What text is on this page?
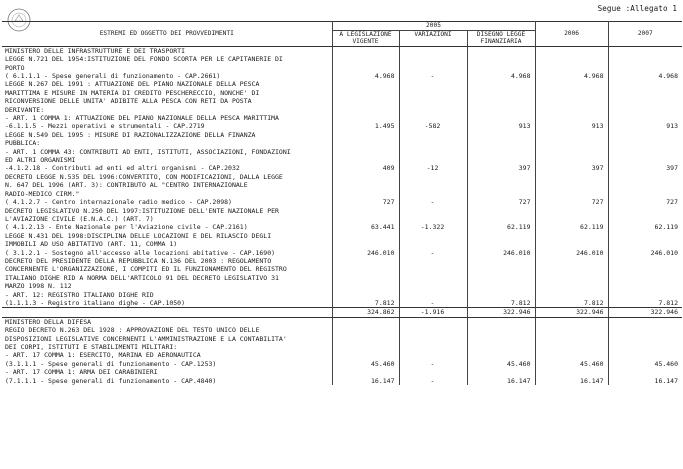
Segue :Allegato 1
ESTREMI ED OGGETTO DEI PROVVEDIMENTI	2005			2006	2007
	A LEGISLAZIONE VIGENTE	VARIAZIONI	DISEGNO LEGGE FINANZIARIA		
MINISTERO DELLE INFRASTRUTTURE E DEI TRASPORTI					

LEGGE N.721 DEL 1954:ISTITUZIONE DEL FONDO SCORTA PER LE CAPITANERIE DI
PORTO
( 6.1.1.1 - Spese generali di funzionamento - CAP.2661)	4.968	-	4.968	4.968	4.968

LEGGE N.267 DEL 1991 : ATTUAZIONE DEL PIANO NAZIONALE DELLA PESCA
MARITTIMA E MISURE IN MATERIA DI CREDITO PESCHERECCIO, NONCHE' DI
RICONVERSIONE DELLE UNITA' ADIBITE ALLA PESCA CON RETI DA POSTA
DERIVANTE:					

- ART. 1 COMMA 1: ATTUAZIONE DEL PIANO NAZIONALE DELLA PESCA MARITTIMA
-6.1.1.5 - Mezzi operativi e strumentali - CAP.2719	1.495	-582	913	913	913

LEGGE N.549 DEL 1995 : MISURE DI RAZIONALIZZAZIONE DELLA FINANZA
PUBBLICA:					

- ART. 1 COMMA 43: CONTRIBUTI AD ENTI, ISTITUTI, ASSOCIAZIONI, FONDAZIONI
ED ALTRI ORGANISMI
-4.1.2.18 - Contributi ad enti ed altri organismi - CAP.2032	409	-12	397	397	397

DECRETO LEGGE N.535 DEL 1996:CONVERTITO, CON MODIFICAZIONI, DALLA LEGGE
N. 647 DEL 1996 (ART. 3): CONTRIBUTO AL "CENTRO INTERNAZIONALE
RADIO-MEDICO CIRM."
( 4.1.2.7 - Centro internazionale radio medico - CAP.2098)	727	-	727	727	727

DECRETO LEGISLATIVO N.250 DEL 1997:ISTITUZIONE DELL'ENTE NAZIONALE PER
L'AVIAZIONE CIVILE (E.N.A.C.) (ART. 7)
( 4.1.2.13 - Ente Nazionale per l'Aviazione civile - CAP.2161)	63.441	-1.322	62.119	62.119	62.119

LEGGE N.431 DEL 1998:DISCIPLINA DELLE LOCAZIONI E DEL RILASCIO DEGLI
IMMOBILI AD USO ABITATIVO (ART. 11, COMMA 1)
( 3.1.2.1 - Sostegno all'accesso alle locazioni abitative - CAP.1690)	246.010	-	246.010	246.010	246.010

DECRETO DEL PRESIDENTE DELLA REPUBBLICA N.136 DEL 2003 : REGOLAMENTO
CONCERNENTE L'ORGANIZZAZIONE, I COMPITI ED IL FUNZIONAMENTO DEL REGISTRO
ITALIANO DIGHE RID A NORMA DELL'ARTICOLO 91 DEL DECRETO LEGISLATIVO 31
MARZO 1998 N. 112					

- ART. 12: REGISTRO ITALIANO DIGHE RID
(1.1.1.3 - Registro italiano dighe - CAP.1050)	7.812	-	7.812	7.812	7.812
	324.862	-1.916	322.946	322.946	322.946
MINISTERO DELLA DIFESA					

REGIO DECRETO N.263 DEL 1928 : APPROVAZIONE DEL TESTO UNICO DELLE
DISPOSIZIONI LEGISLATIVE CONCERNENTI L'AMMINISTRAZIONE E LA CONTABILITA'
DEI CORPI, ISTITUTI E STABILIMENTI MILITARI:					

- ART. 17 COMMA 1: ESERCITO, MARINA ED AERONAUTICA
(3.1.1.1 - Spese generali di funzionamento - CAP.1253)	45.460	-	45.460	45.460	45.460

- ART. 17 COMMA 1: ARMA DEI CARABINIERI
(7.1.1.1 - Spese generali di funzionamento - CAP.4840)	16.147	-	16.147	16.147	16.147
